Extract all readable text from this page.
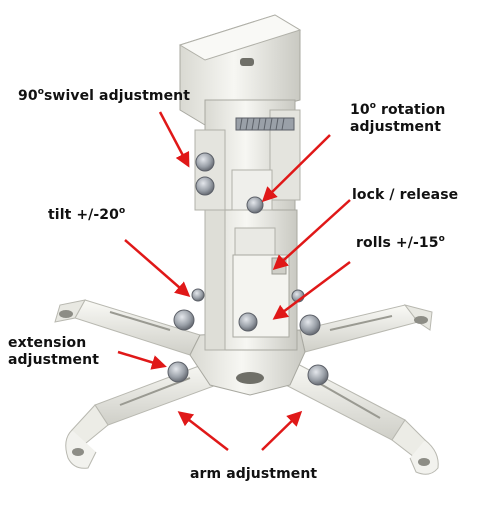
90$^o$swivel adjustment
10$^o$ rotation
adjustment
lock / release
tilt $+/-20^o$
rolls $+/-15^o$
extension
adjustment
arm adjustment
